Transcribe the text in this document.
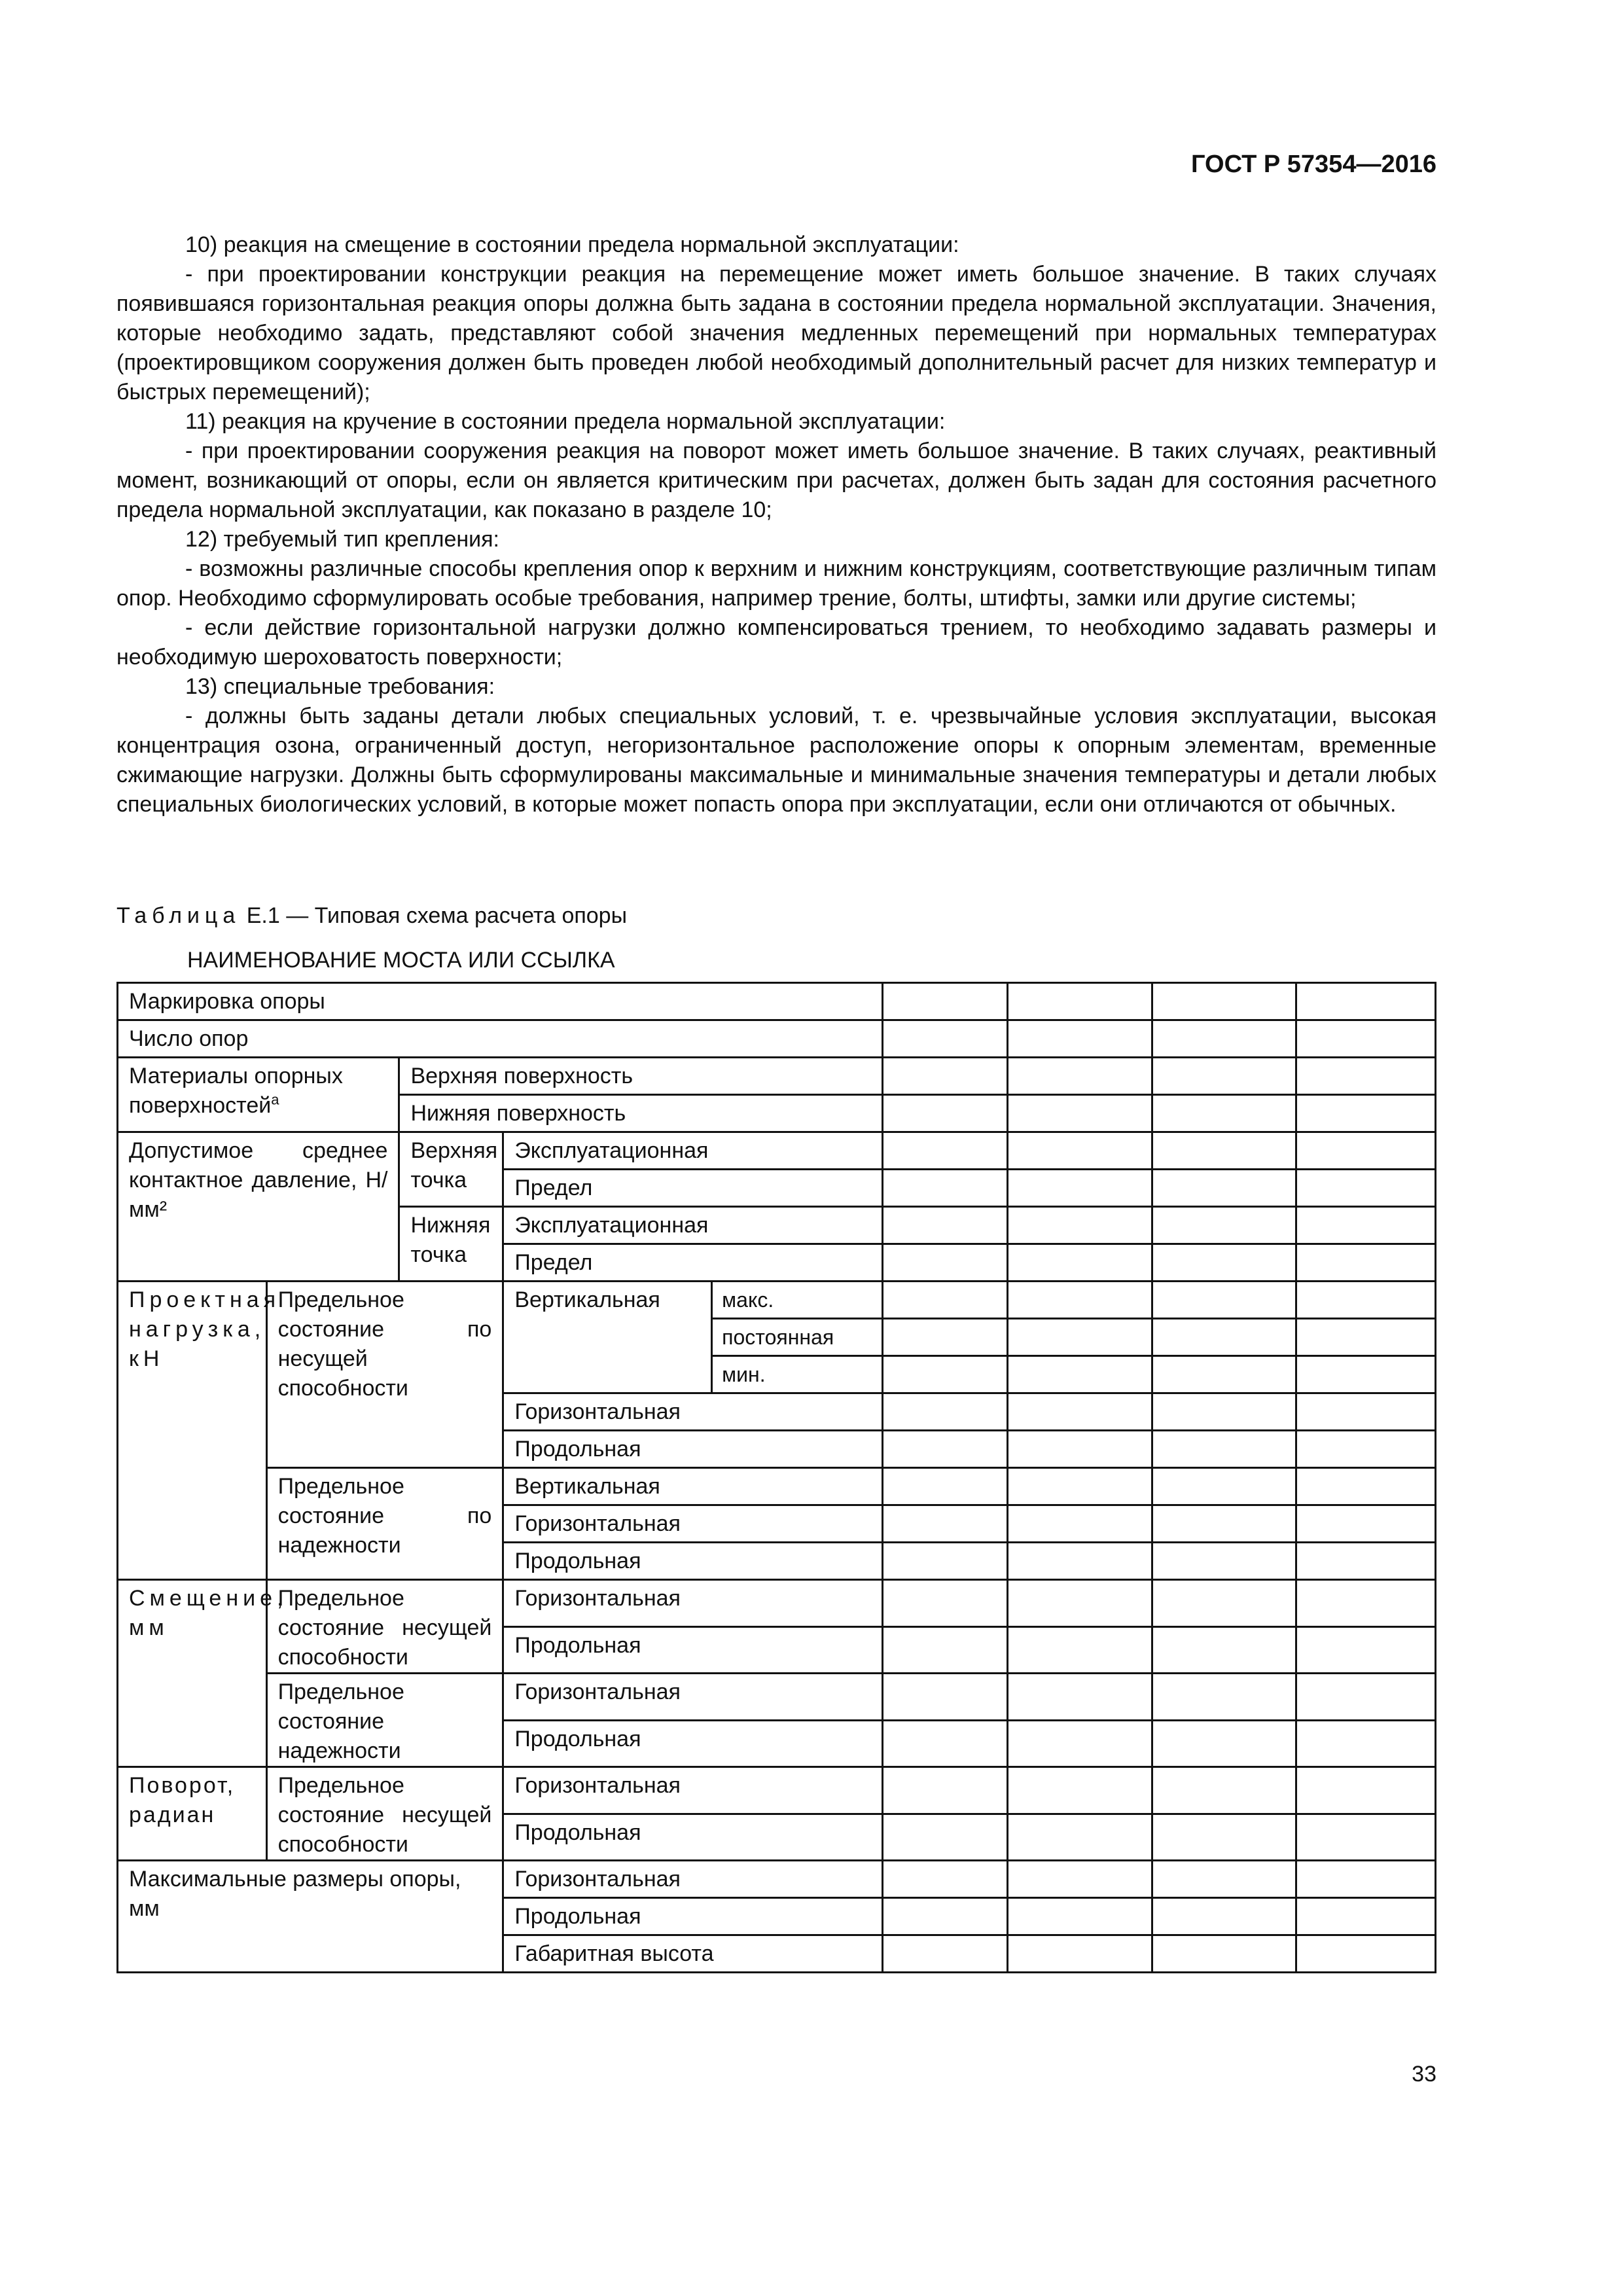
ГОСТ Р 57354—2016

10) реакция на смещение в состоянии предела нормальной эксплуатации:

- при проектировании конструкции реакция на перемещение может иметь большое значение. В таких случаях появившаяся горизонтальная реакция опоры должна быть задана в состоянии предела нормальной эксплуатации. Значения, которые необходимо задать, представляют собой значения медленных перемещений при нормальных температурах (проектировщиком сооружения должен быть проведен любой необходимый дополнительный расчет для низких температур и быстрых перемещений);

11) реакция на кручение в состоянии предела нормальной эксплуатации:

- при проектировании сооружения реакция на поворот может иметь большое значение. В таких случаях, реактивный момент, возникающий от опоры, если он является критическим при расчетах, должен быть задан для состояния расчетного предела нормальной эксплуатации, как показано в разделе 10;

12) требуемый тип крепления:

- возможны различные способы крепления опор к верхним и нижним конструкциям, соответствующие различным типам опор. Необходимо сформулировать особые требования, например трение, болты, штифты, замки или другие системы;

- если действие горизонтальной нагрузки должно компенсироваться трением, то необходимо задавать размеры и необходимую шероховатость поверхности;

13) специальные требования:

- должны быть заданы детали любых специальных условий, т. е. чрезвычайные условия эксплуатации, высокая концентрация озона, ограниченный доступ, негоризонтальное расположение опоры к опорным элементам, временные сжимающие нагрузки. Должны быть сформулированы максимальные и минимальные значения температуры и детали любых специальных биологических условий, в которые может попасть опора при эксплуатации, если они отличаются от обычных.

Таблица Е.1 — Типовая схема расчета опоры
НАИМЕНОВАНИЕ МОСТА ИЛИ ССЫЛКА
Маркировка опоры								
Число опор								
Материалы опорных поверхностей$^а$		Верхняя поверхность						
		Нижняя поверхность						
Допустимое среднее контактное давление, Н/мм²		Верхняя точка	Эксплуатационная					
			Предел					
		Нижняя точка	Эксплуатационная					
			Предел					
Проектная нагрузка, кН	Предельное состояние по несущей способности		Вертикальная	макс.				
				постоянная				
				мин.				
			Горизонтальная					
			Продольная					
	Предельное состояние по надежности		Вертикальная					
			Горизонтальная					
			Продольная					
Смещение, мм	Предельное состояние несущей способности		Горизонтальная					
			Продольная					
	Предельное состояние надежности		Горизонтальная					
			Продольная					
Поворот, радиан	Предельное состояние несущей способности		Горизонтальная					
			Продольная					
Максимальные размеры опоры, мм			Горизонтальная					
			Продольная					
			Габаритная высота					
33
